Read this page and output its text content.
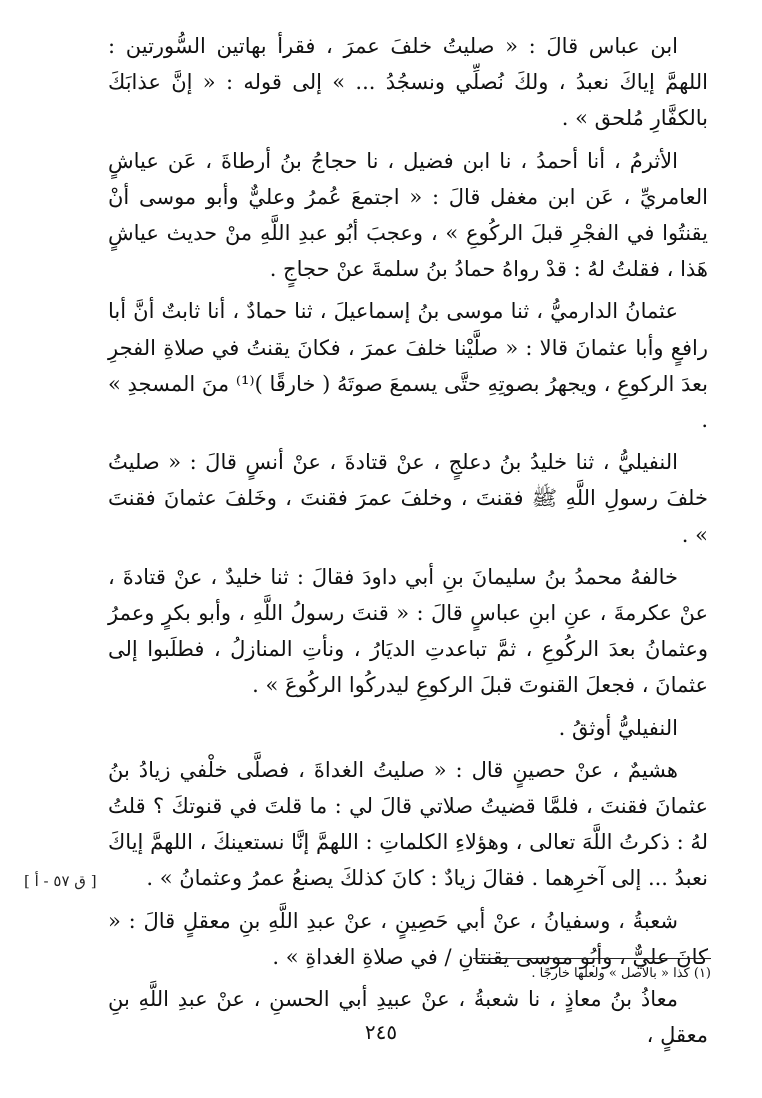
ابن عباس قالَ : « صليتُ خلفَ عمرَ ، فقرأ بهاتين السُّورتين : اللهمَّ إياكَ نعبدُ ، ولكَ نُصلِّي ونسجُدُ ... » إلى قوله : « إنَّ عذابَكَ بالكفَّارِ مُلحق » .

الأثرمُ ، أنا أحمدُ ، نا ابن فضيل ، نا حجاجُ بنُ أرطاةَ ، عَن عياشٍ العامريِّ ، عَن ابن مغفل قالَ : « اجتمعَ عُمرُ وعليٌّ وأبو موسى أنْ يقنتُوا في الفجْرِ قبلَ الركُوعِ » ، وعجبَ أبُو عبدِ اللَّهِ منْ حديث عياشٍ هَذا ، فقلتُ لهُ : قدْ رواهُ حمادُ بنُ سلمةَ عنْ حجاجٍ .

عثمانُ الدارميُّ ، ثنا موسى بنُ إسماعيلَ ، ثنا حمادٌ ، أنا ثابتٌ أنَّ أبا رافعٍ وأبا عثمانَ قالا : « صلَّيْنا خلفَ عمرَ ، فكانَ يقنتُ في صلاةِ الفجرِ بعدَ الركوعِ ، ويجهرُ بصوتِهِ حتَّى يسمعَ صوتَهُ ( خارقًا )⁽¹⁾ منَ المسجدِ » .

النفيليُّ ، ثنا خليدُ بنُ دعلجٍ ، عنْ قتادةَ ، عنْ أنسٍ قالَ : « صليتُ خلفَ رسولِ اللَّهِ ﷺ فقنتَ ، وخلفَ عمرَ فقنتَ ، وخَلفَ عثمانَ فقنتَ » .

خالفهُ محمدُ بنُ سليمانَ بنِ أبي داودَ فقالَ : ثنا خليدٌ ، عنْ قتادةَ ، عنْ عكرمةَ ، عنِ ابنِ عباسٍ قالَ : « قنتَ رسولُ اللَّهِ ، وأبو بكرٍ وعمرُ وعثمانُ بعدَ الركُوعِ ، ثمَّ تباعدتِ الديَارُ ، ونأتِ المنازلُ ، فطلَبوا إلى عثمانَ ، فجعلَ القنوتَ قبلَ الركوعِ ليدركُوا الركُوعَ » .

النفيليُّ أوثقُ .

هشيمٌ ، عنْ حصينٍ قال : « صليتُ الغداةَ ، فصلَّى خلْفي زيادُ بنُ عثمانَ فقنتَ ، فلمَّا قضيتُ صلاتي قالَ لي : ما قلتَ في قنوتكَ ؟ قلتُ لهُ : ذكرتُ اللَّهَ تعالى ، وهؤلاءِ الكلماتِ : اللهمَّ إنَّا نستعينكَ ، اللهمَّ إياكَ نعبدُ ... إلى آخرِهما . فقالَ زيادٌ : كانَ كذلكَ يصنعُ عمرُ وعثمانُ » .

شعبةُ ، وسفيانُ ، عنْ أبي حَصِينٍ ، عنْ عبدِ اللَّهِ بنِ معقلٍ قالَ : « كانَ عليٌّ ، وأبُو موسى يقنتانِ / في صلاةِ الغداةِ » .

معاذُ بنُ معاذٍ ، نا شعبةُ ، عنْ عبيدِ أبي الحسنِ ، عنْ عبدِ اللَّهِ بنِ معقلٍ ،

[ ق ٥٧ - أ ]
(١) كذا « بالأصل » ولعلها خارجًا .
٢٤٥
